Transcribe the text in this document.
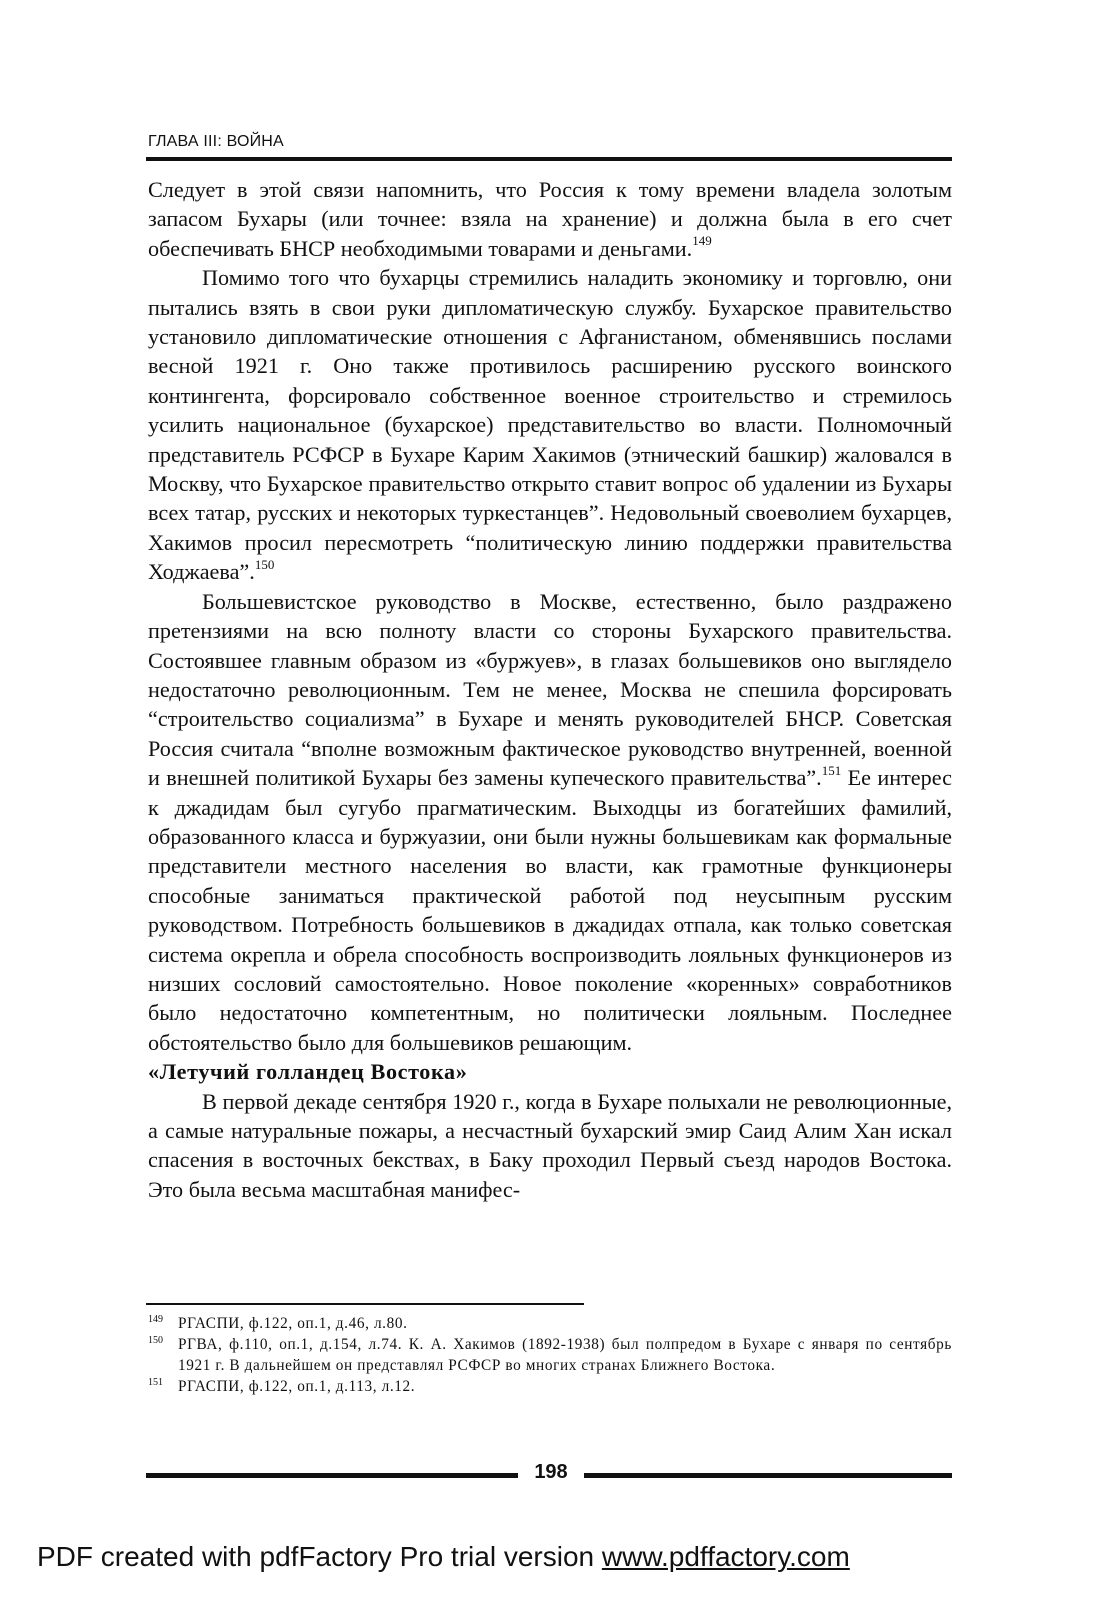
ГЛАВА III: ВОЙНА

Следует в этой связи напомнить, что Россия к тому времени владела золотым запасом Бухары (или точнее: взяла на хранение) и должна была в его счет обеспечивать БНСР необходимыми товарами и деньгами.$^{149}$

Помимо того что бухарцы стремились наладить экономику и торговлю, они пытались взять в свои руки дипломатическую службу. Бухарское правительство установило дипломатические отношения с Афганистаном, обменявшись послами весной 1921 г. Оно также противилось расширению русского воинского контингента, форсировало собственное военное строительство и стремилось усилить национальное (бухарское) представительство во власти. Полномочный представитель РСФСР в Бухаре Карим Хакимов (этнический башкир) жаловался в Москву, что Бухарское правительство открыто ставит вопрос об удалении из Бухары всех татар, русских и некоторых туркестанцев”. Недовольный своеволием бухарцев, Хакимов просил пересмотреть “политическую линию поддержки правительства Ходжаева”.$^{150}$

Большевистское руководство в Москве, естественно, было раздражено претензиями на всю полноту власти со стороны Бухарского правительства. Состоявшее главным образом из «буржуев», в глазах большевиков оно выглядело недостаточно революционным. Тем не менее, Москва не спешила форсировать “строительство социализма” в Бухаре и менять руководителей БНСР. Советская Россия считала “вполне возможным фактическое руководство внутренней, военной и внешней политикой Бухары без замены купеческого правительства”.$^{151}$ Ее интерес к джадидам был сугубо прагматическим. Выходцы из богатейших фамилий, образованного класса и буржуазии, они были нужны большевикам как формальные представители местного населения во власти, как грамотные функционеры способные заниматься практической работой под неусыпным русским руководством. Потребность большевиков в джадидах отпала, как только советская система окрепла и обрела способность воспроизводить лояльных функционеров из низших сословий самостоятельно. Новое поколение «коренных» совработников было недостаточно компетентным, но политически лояльным. Последнее обстоятельство было для большевиков решающим.

«Летучий голландец Востока»

В первой декаде сентября 1920 г., когда в Бухаре полыхали не революционные, а самые натуральные пожары, а несчастный бухарский эмир Саид Алим Хан искал спасения в восточных бекствах, в Баку проходил Первый съезд народов Востока. Это была весьма масштабная манифес-

149 РГАСПИ, ф.122, оп.1, д.46, л.80.
150 РГВА, ф.110, оп.1, д.154, л.74. К. А. Хакимов (1892-1938) был полпредом в Бухаре с января по сентябрь 1921 г. В дальнейшем он представлял РСФСР во многих странах Ближнего Востока.
151 РГАСПИ, ф.122, оп.1, д.113, л.12.
198
PDF created with pdfFactory Pro trial version www.pdffactory.com
